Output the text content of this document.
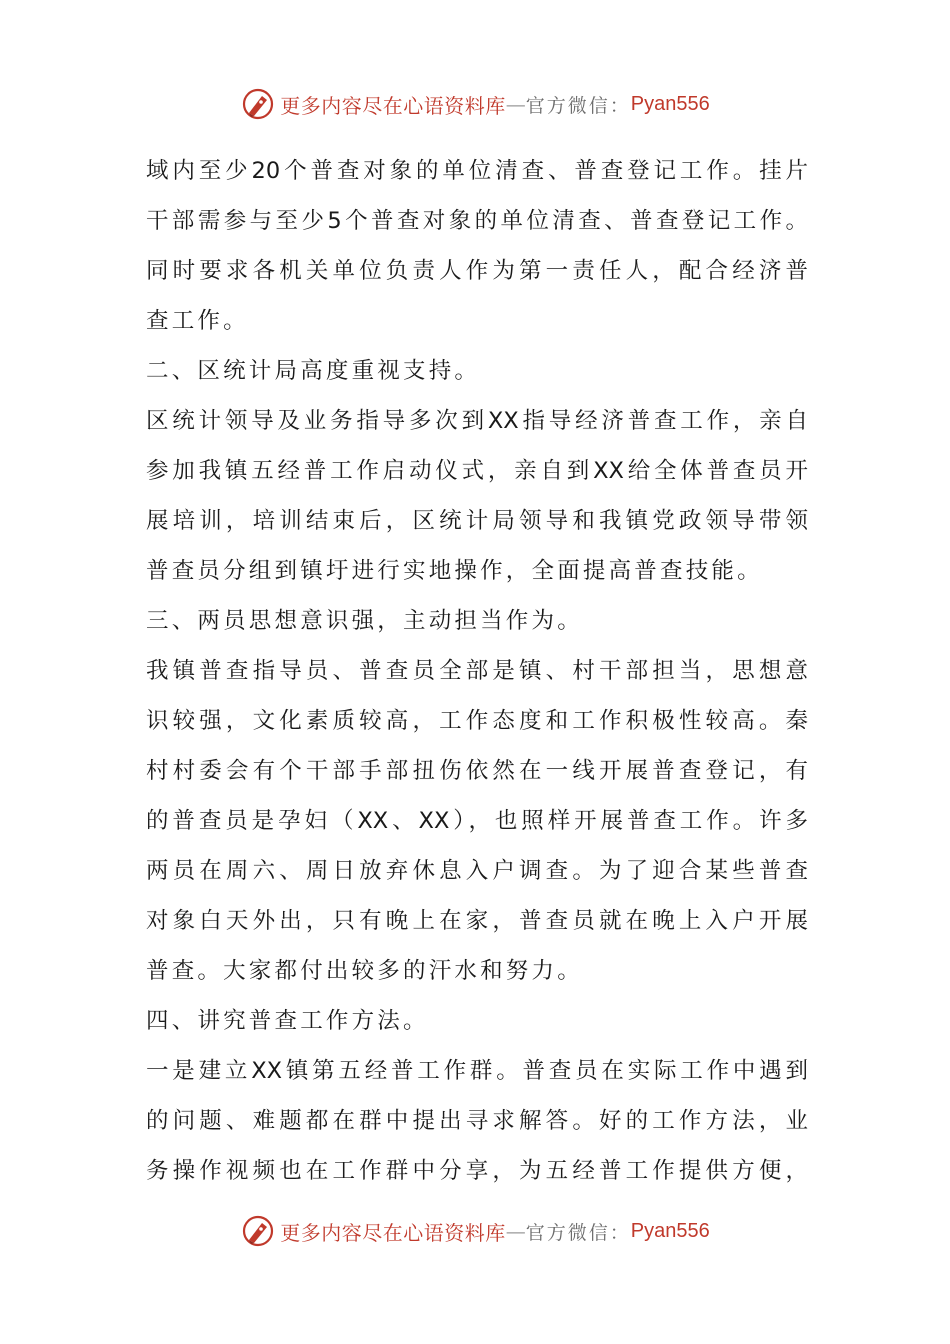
更多内容尽在心语资料库 — 官方微信： Pyan556
域内至少20个普查对象的单位清查、普查登记工作。挂片
干部需参与至少5个普查对象的单位清查、普查登记工作。
同时要求各机关单位负责人作为第一责任人，配合经济普
查工作。
二、区统计局高度重视支持。
区统计领导及业务指导多次到XX指导经济普查工作，亲自
参加我镇五经普工作启动仪式，亲自到XX给全体普查员开
展培训，培训结束后，区统计局领导和我镇党政领导带领
普查员分组到镇圩进行实地操作，全面提高普查技能。
三、两员思想意识强，主动担当作为。
我镇普查指导员、普查员全部是镇、村干部担当，思想意
识较强，文化素质较高，工作态度和工作积极性较高。秦
村村委会有个干部手部扭伤依然在一线开展普查登记，有
的普查员是孕妇（XX、XX），也照样开展普查工作。许多
两员在周六、周日放弃休息入户调查。为了迎合某些普查
对象白天外出，只有晚上在家，普查员就在晚上入户开展
普查。大家都付出较多的汗水和努力。
四、讲究普查工作方法。
一是建立XX镇第五经普工作群。普查员在实际工作中遇到
的问题、难题都在群中提出寻求解答。好的工作方法，业
务操作视频也在工作群中分享，为五经普工作提供方便，
更多内容尽在心语资料库 — 官方微信： Pyan556
